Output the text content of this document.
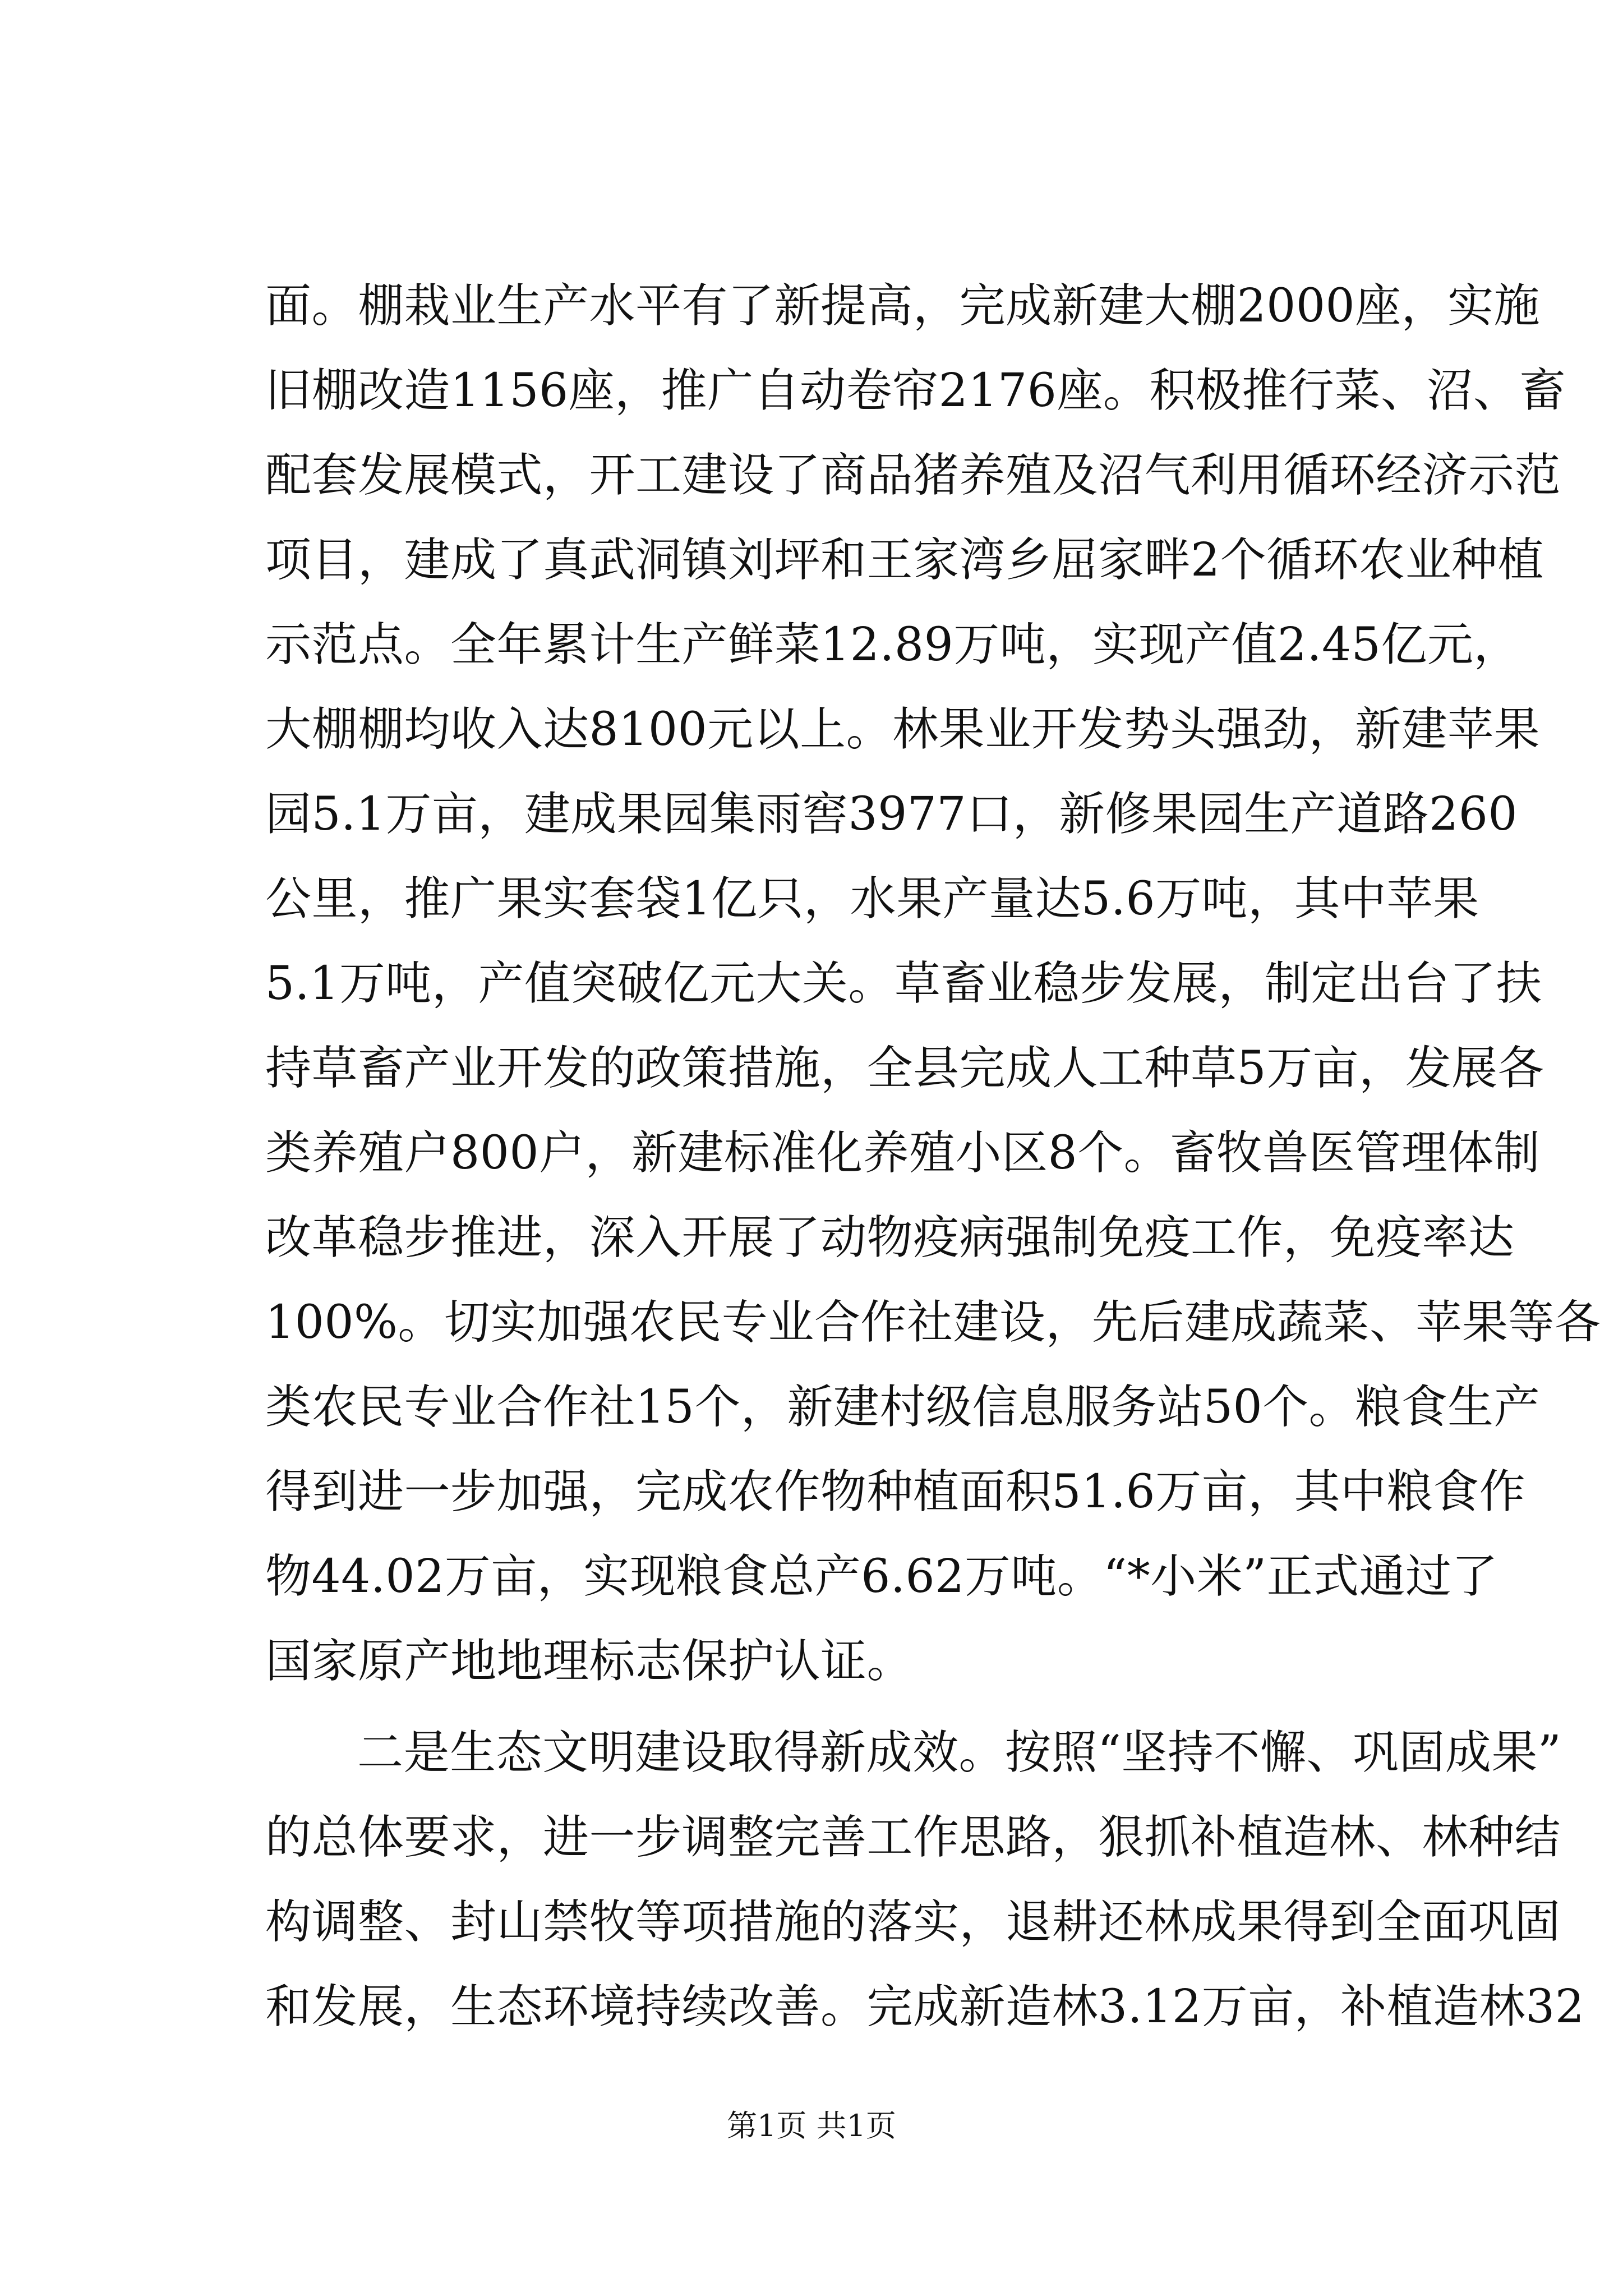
面。棚栽业生产水平有了新提高，完成新建大棚2000座，实施
旧棚改造1156座，推广自动卷帘2176座。积极推行菜、沼、畜
配套发展模式，开工建设了商品猪养殖及沼气利用循环经济示范
项目，建成了真武洞镇刘坪和王家湾乡屈家畔2个循环农业种植
示范点。全年累计生产鲜菜12.89万吨，实现产值2.45亿元，
大棚棚均收入达8100元以上。林果业开发势头强劲，新建苹果
园5.1万亩，建成果园集雨窖3977口，新修果园生产道路260
公里，推广果实套袋1亿只，水果产量达5.6万吨，其中苹果
5.1万吨，产值突破亿元大关。草畜业稳步发展，制定出台了扶
持草畜产业开发的政策措施，全县完成人工种草5万亩，发展各
类养殖户800户，新建标准化养殖小区8个。畜牧兽医管理体制
改革稳步推进，深入开展了动物疫病强制免疫工作，免疫率达
100%。切实加强农民专业合作社建设，先后建成蔬菜、苹果等各
类农民专业合作社15个，新建村级信息服务站50个。粮食生产
得到进一步加强，完成农作物种植面积51.6万亩，其中粮食作
物44.02万亩，实现粮食总产6.62万吨。“*小米”正式通过了
国家原产地地理标志保护认证。
二是生态文明建设取得新成效。按照“坚持不懈、巩固成果”
的总体要求，进一步调整完善工作思路，狠抓补植造林、林种结
构调整、封山禁牧等项措施的落实，退耕还林成果得到全面巩固
和发展，生态环境持续改善。完成新造林3.12万亩，补植造林32
第1页 共1页
